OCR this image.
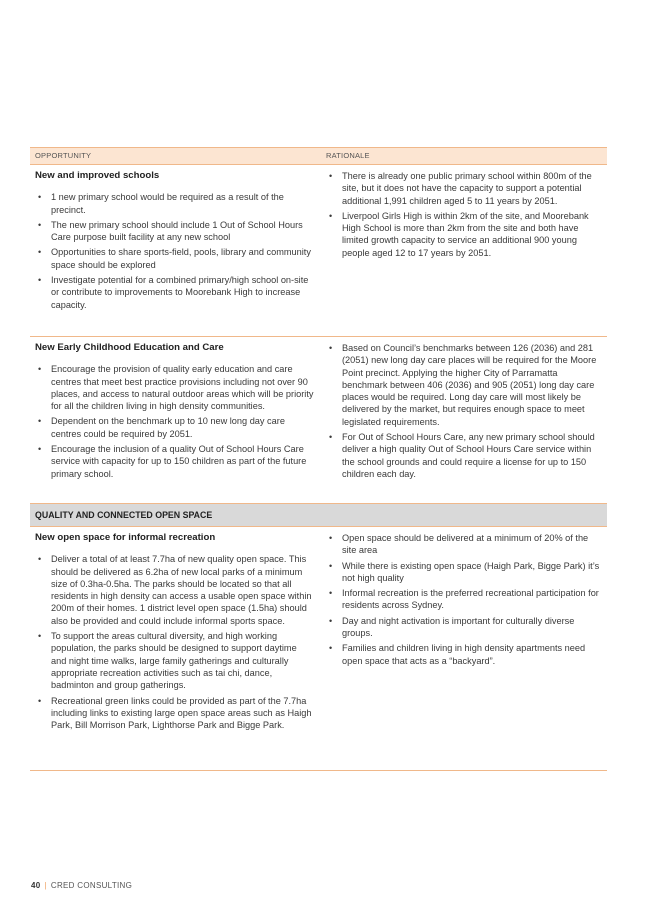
OPPORTUNITY	RATIONALE
New and improved schools
• 1 new primary school would be required as a result of the precinct.
• The new primary school should include 1 Out of School Hours Care purpose built facility at any new school
• Opportunities to share sports-field, pools, library and community space should be explored
• Investigate potential for a combined primary/high school on-site or contribute to improvements to Moorebank High to increase capacity.
• There is already one public primary school within 800m of the site, but it does not have the capacity to support a potential additional 1,991 children aged 5 to 11 years by 2051.
• Liverpool Girls High is within 2km of the site, and Moorebank High School is more than 2km from the site and both have limited growth capacity to service an additional 900 young people aged 12 to 17 years by 2051.
New Early Childhood Education and Care
• Encourage the provision of quality early education and care centres that meet best practice provisions including not over 90 places, and access to natural outdoor areas which will be priority for all the children living in high density communities.
• Dependent on the benchmark up to 10 new long day care centres could be required by 2051.
• Encourage the inclusion of a quality Out of School Hours Care service with capacity for up to 150 children as part of the future primary school.
• Based on Council’s benchmarks between 126 (2036) and 281 (2051) new long day care places will be required for the Moore Point precinct. Applying the higher City of Parramatta benchmark between 406 (2036) and 905 (2051) long day care places would be required. Long day care will most likely be delivered by the market, but requires enough space to meet legislated requirements.
• For Out of School Hours Care, any new primary school should deliver a high quality Out of School Hours Care service within the school grounds and could require a license for up to 150 children each day.
QUALITY AND CONNECTED OPEN SPACE
New open space for informal recreation
• Deliver a total of at least 7.7ha of new quality open space. This should be delivered as 6.2ha of new local parks of a minimum size of 0.3ha-0.5ha. The parks should be located so that all residents in high density can access a usable open space within 200m of their homes. 1 district level open space (1.5ha) should also be provided and could include informal sports space.
• To support the areas cultural diversity, and high working population, the parks should be designed to support daytime and night time walks, large family gatherings and culturally appropriate recreation activities such as tai chi, dance, badminton and group gatherings.
• Recreational green links could be provided as part of the 7.7ha including links to existing large open space areas such as Haigh Park, Bill Morrison Park, Lighthorse Park and Bigge Park.
• Open space should be delivered at a minimum of 20% of the site area
• While there is existing open space (Haigh Park, Bigge Park) it’s not high quality
• Informal recreation is the preferred recreational participation for residents across Sydney.
• Day and night activation is important for culturally diverse groups.
• Families and children living in high density apartments need open space that acts as a “backyard”.
40 | CRED CONSULTING
